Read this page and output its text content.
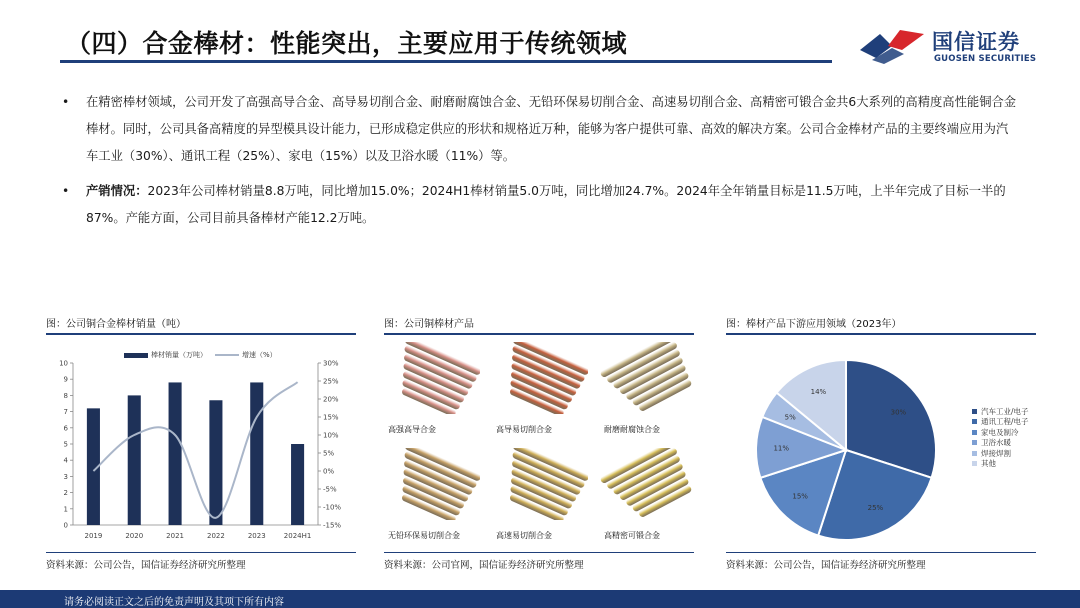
（四）合金棒材：性能突出，主要应用于传统领域	国信证券
GUOSEN SECURITIES
• 在精密棒材领域，公司开发了高强高导合金、高导易切削合金、耐磨耐腐蚀合金、无铅环保易切削合金、高速易切削合金、高精密可锻合金共6大系列的高精度高性能铜合金棒材。同时，公司具备高精度的异型模具设计能力，已形成稳定供应的形状和规格近万种，能够为客户提供可靠、高效的解决方案。公司合金棒材产品的主要终端应用为汽车工业（30%）、通讯工程（25%）、家电（15%）以及卫浴水暖（11%）等。
• 产销情况：2023年公司棒材销量8.8万吨，同比增加15.0%；2024H1棒材销量5.0万吨，同比增加24.7%。2024年全年销量目标是11.5万吨，上半年完成了目标一半的87%。产能方面，公司目前具备棒材产能12.2万吨。
图：公司铜合金棒材销量（吨）
棒材销量（万吨）	增速（%）
0
1
2
3
4
5
6
7
8
9
10
-15%
-10%
-5%
0%
5%
10%
15%
20%
25%
30%
2019	2020	2021	2022	2023	2024H1
资料来源：公司公告，国信证券经济研究所整理
图：公司铜棒材产品
高强高导合金	高导易切削合金	耐磨耐腐蚀合金
无铅环保易切削合金	高速易切削合金	高精密可锻合金
资料来源：公司官网，国信证券经济研究所整理
图：棒材产品下游应用领域（2023年）
30%
25%
15%
11%
5%
14%
汽车工业/电子
通讯工程/电子
家电及制冷
卫浴水暖
焊接焊割
其他
资料来源：公司公告，国信证券经济研究所整理
请务必阅读正文之后的免责声明及其项下所有内容
